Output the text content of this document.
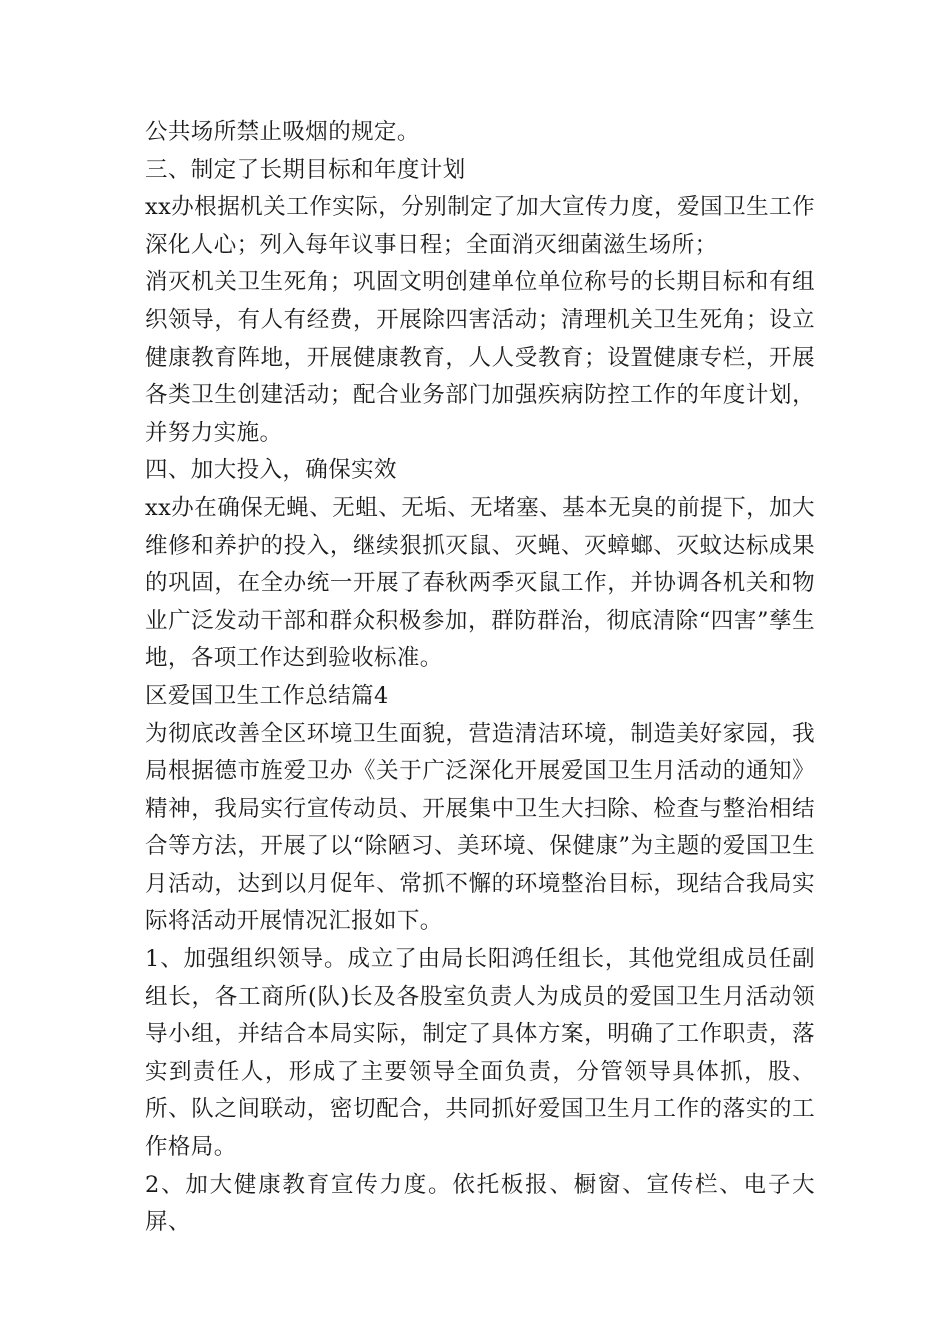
公共场所禁止吸烟的规定。

三、制定了长期目标和年度计划

xx办根据机关工作实际，分别制定了加大宣传力度，爱国卫生工作深化人心；列入每年议事日程；全面消灭细菌滋生场所；

消灭机关卫生死角；巩固文明创建单位单位称号的长期目标和有组织领导，有人有经费，开展除四害活动；清理机关卫生死角；设立健康教育阵地，开展健康教育，人人受教育；设置健康专栏，开展各类卫生创建活动；配合业务部门加强疾病防控工作的年度计划，并努力实施。

四、加大投入，确保实效

xx办在确保无蝇、无蛆、无垢、无堵塞、基本无臭的前提下，加大维修和养护的投入，继续狠抓灭鼠、灭蝇、灭蟑螂、灭蚊达标成果的巩固，在全办统一开展了春秋两季灭鼠工作，并协调各机关和物业广泛发动干部和群众积极参加，群防群治，彻底清除“四害”孳生地，各项工作达到验收标准。

区爱国卫生工作总结篇4

为彻底改善全区环境卫生面貌，营造清洁环境，制造美好家园，我局根据德市旌爱卫办《关于广泛深化开展爱国卫生月活动的通知》精神，我局实行宣传动员、开展集中卫生大扫除、检查与整治相结合等方法，开展了以“除陋习、美环境、保健康”为主题的爱国卫生月活动，达到以月促年、常抓不懈的环境整治目标，现结合我局实际将活动开展情况汇报如下。

1、加强组织领导。成立了由局长阳鸿任组长，其他党组成员任副组长，各工商所(队)长及各股室负责人为成员的爱国卫生月活动领导小组，并结合本局实际，制定了具体方案，明确了工作职责，落实到责任人，形成了主要领导全面负责，分管领导具体抓，股、所、队之间联动，密切配合，共同抓好爱国卫生月工作的落实的工作格局。

2、加大健康教育宣传力度。依托板报、橱窗、宣传栏、电子大屏、
